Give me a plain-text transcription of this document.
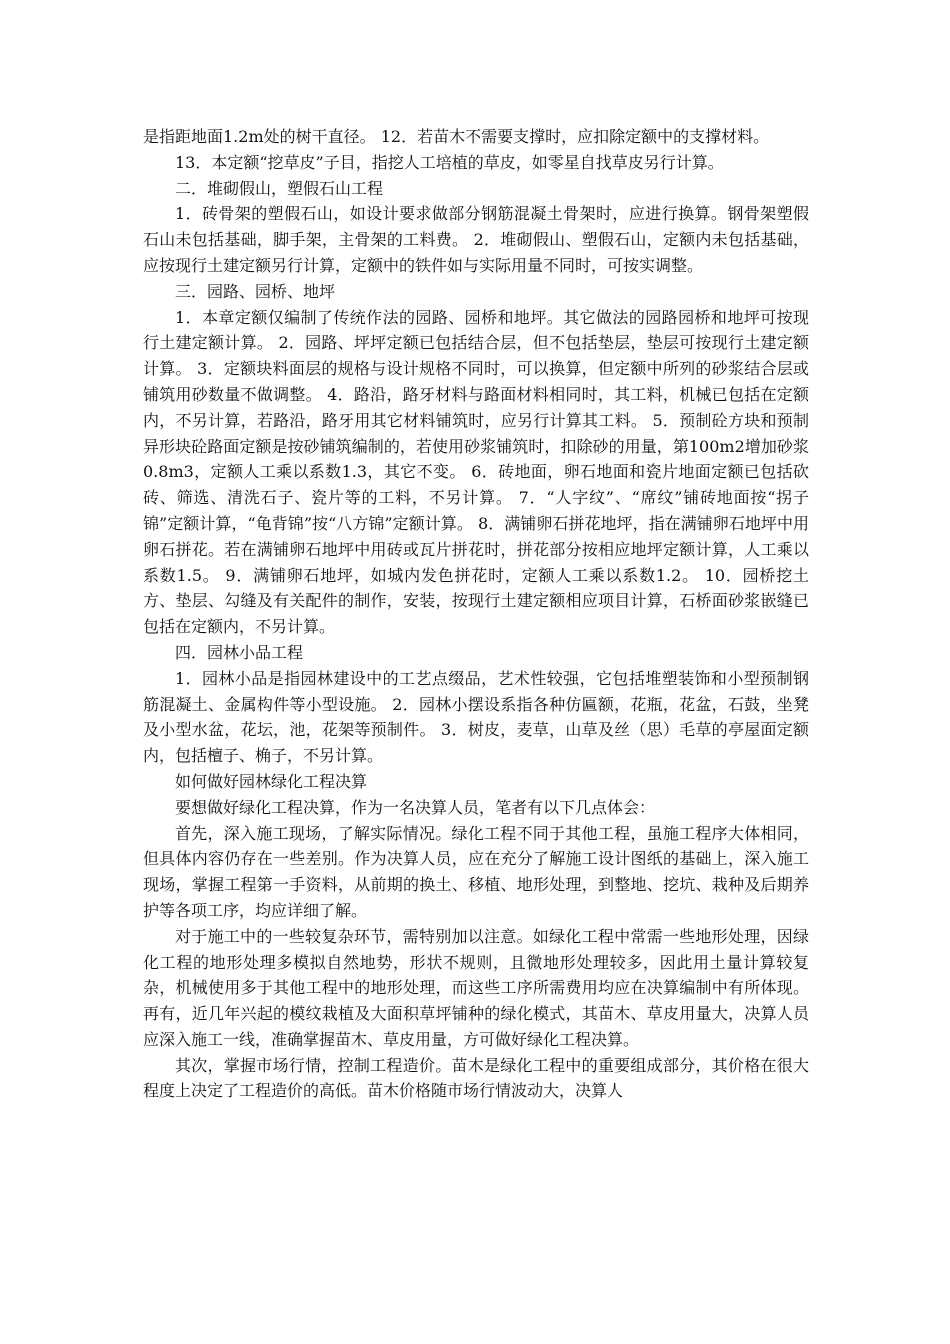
是指距地面1.2m处的树干直径。 12．若苗木不需要支撑时，应扣除定额中的支撑材料。

13．本定额“挖草皮”子目，指挖人工培植的草皮，如零星自找草皮另行计算。

二．堆砌假山，塑假石山工程

1．砖骨架的塑假石山，如设计要求做部分钢筋混凝土骨架时，应进行换算。钢骨架塑假石山未包括基础，脚手架，主骨架的工料费。 2．堆砌假山、塑假石山，定额内未包括基础，应按现行土建定额另行计算，定额中的铁件如与实际用量不同时，可按实调整。

三．园路、园桥、地坪

1．本章定额仅编制了传统作法的园路、园桥和地坪。其它做法的园路园桥和地坪可按现行土建定额计算。 2．园路、坪坪定额已包括结合层，但不包括垫层，垫层可按现行土建定额计算。 3．定额块料面层的规格与设计规格不同时，可以换算，但定额中所列的砂浆结合层或铺筑用砂数量不做调整。 4．路沿，路牙材料与路面材料相同时，其工料，机械已包括在定额内，不另计算，若路沿，路牙用其它材料铺筑时，应另行计算其工料。 5．预制砼方块和预制异形块砼路面定额是按砂铺筑编制的，若使用砂浆铺筑时，扣除砂的用量，第100m2增加砂浆0.8m3，定额人工乘以系数1.3，其它不变。 6．砖地面，卵石地面和瓷片地面定额已包括砍砖、筛选、清洗石子、瓷片等的工料，不另计算。 7．“人字纹”、“席纹”铺砖地面按“拐子锦”定额计算，“龟背锦”按“八方锦”定额计算。 8．满铺卵石拼花地坪，指在满铺卵石地坪中用卵石拼花。若在满铺卵石地坪中用砖或瓦片拼花时，拼花部分按相应地坪定额计算，人工乘以系数1.5。 9．满铺卵石地坪，如城内发色拼花时，定额人工乘以系数1.2。 10．园桥挖土方、垫层、勾缝及有关配件的制作，安装，按现行土建定额相应项目计算，石桥面砂浆嵌缝已包括在定额内，不另计算。

四．园林小品工程

1．园林小品是指园林建设中的工艺点缀品，艺术性较强，它包括堆塑装饰和小型预制钢筋混凝土、金属构件等小型设施。 2．园林小摆设系指各种仿匾额，花瓶，花盆，石鼓，坐凳及小型水盆，花坛，池，花架等预制件。 3．树皮，麦草，山草及丝（思）毛草的亭屋面定额内，包括檀子、桷子，不另计算。

如何做好园林绿化工程决算

要想做好绿化工程决算，作为一名决算人员，笔者有以下几点体会：

首先，深入施工现场，了解实际情况。绿化工程不同于其他工程，虽施工程序大体相同，但具体内容仍存在一些差别。作为决算人员，应在充分了解施工设计图纸的基础上，深入施工现场，掌握工程第一手资料，从前期的换土、移植、地形处理，到整地、挖坑、栽种及后期养护等各项工序，均应详细了解。

对于施工中的一些较复杂环节，需特别加以注意。如绿化工程中常需一些地形处理，因绿化工程的地形处理多模拟自然地势，形状不规则，且微地形处理较多，因此用土量计算较复杂，机械使用多于其他工程中的地形处理，而这些工序所需费用均应在决算编制中有所体现。再有，近几年兴起的模纹栽植及大面积草坪铺种的绿化模式，其苗木、草皮用量大，决算人员应深入施工一线，准确掌握苗木、草皮用量，方可做好绿化工程决算。

其次，掌握市场行情，控制工程造价。苗木是绿化工程中的重要组成部分，其价格在很大程度上决定了工程造价的高低。苗木价格随市场行情波动大，决算人
